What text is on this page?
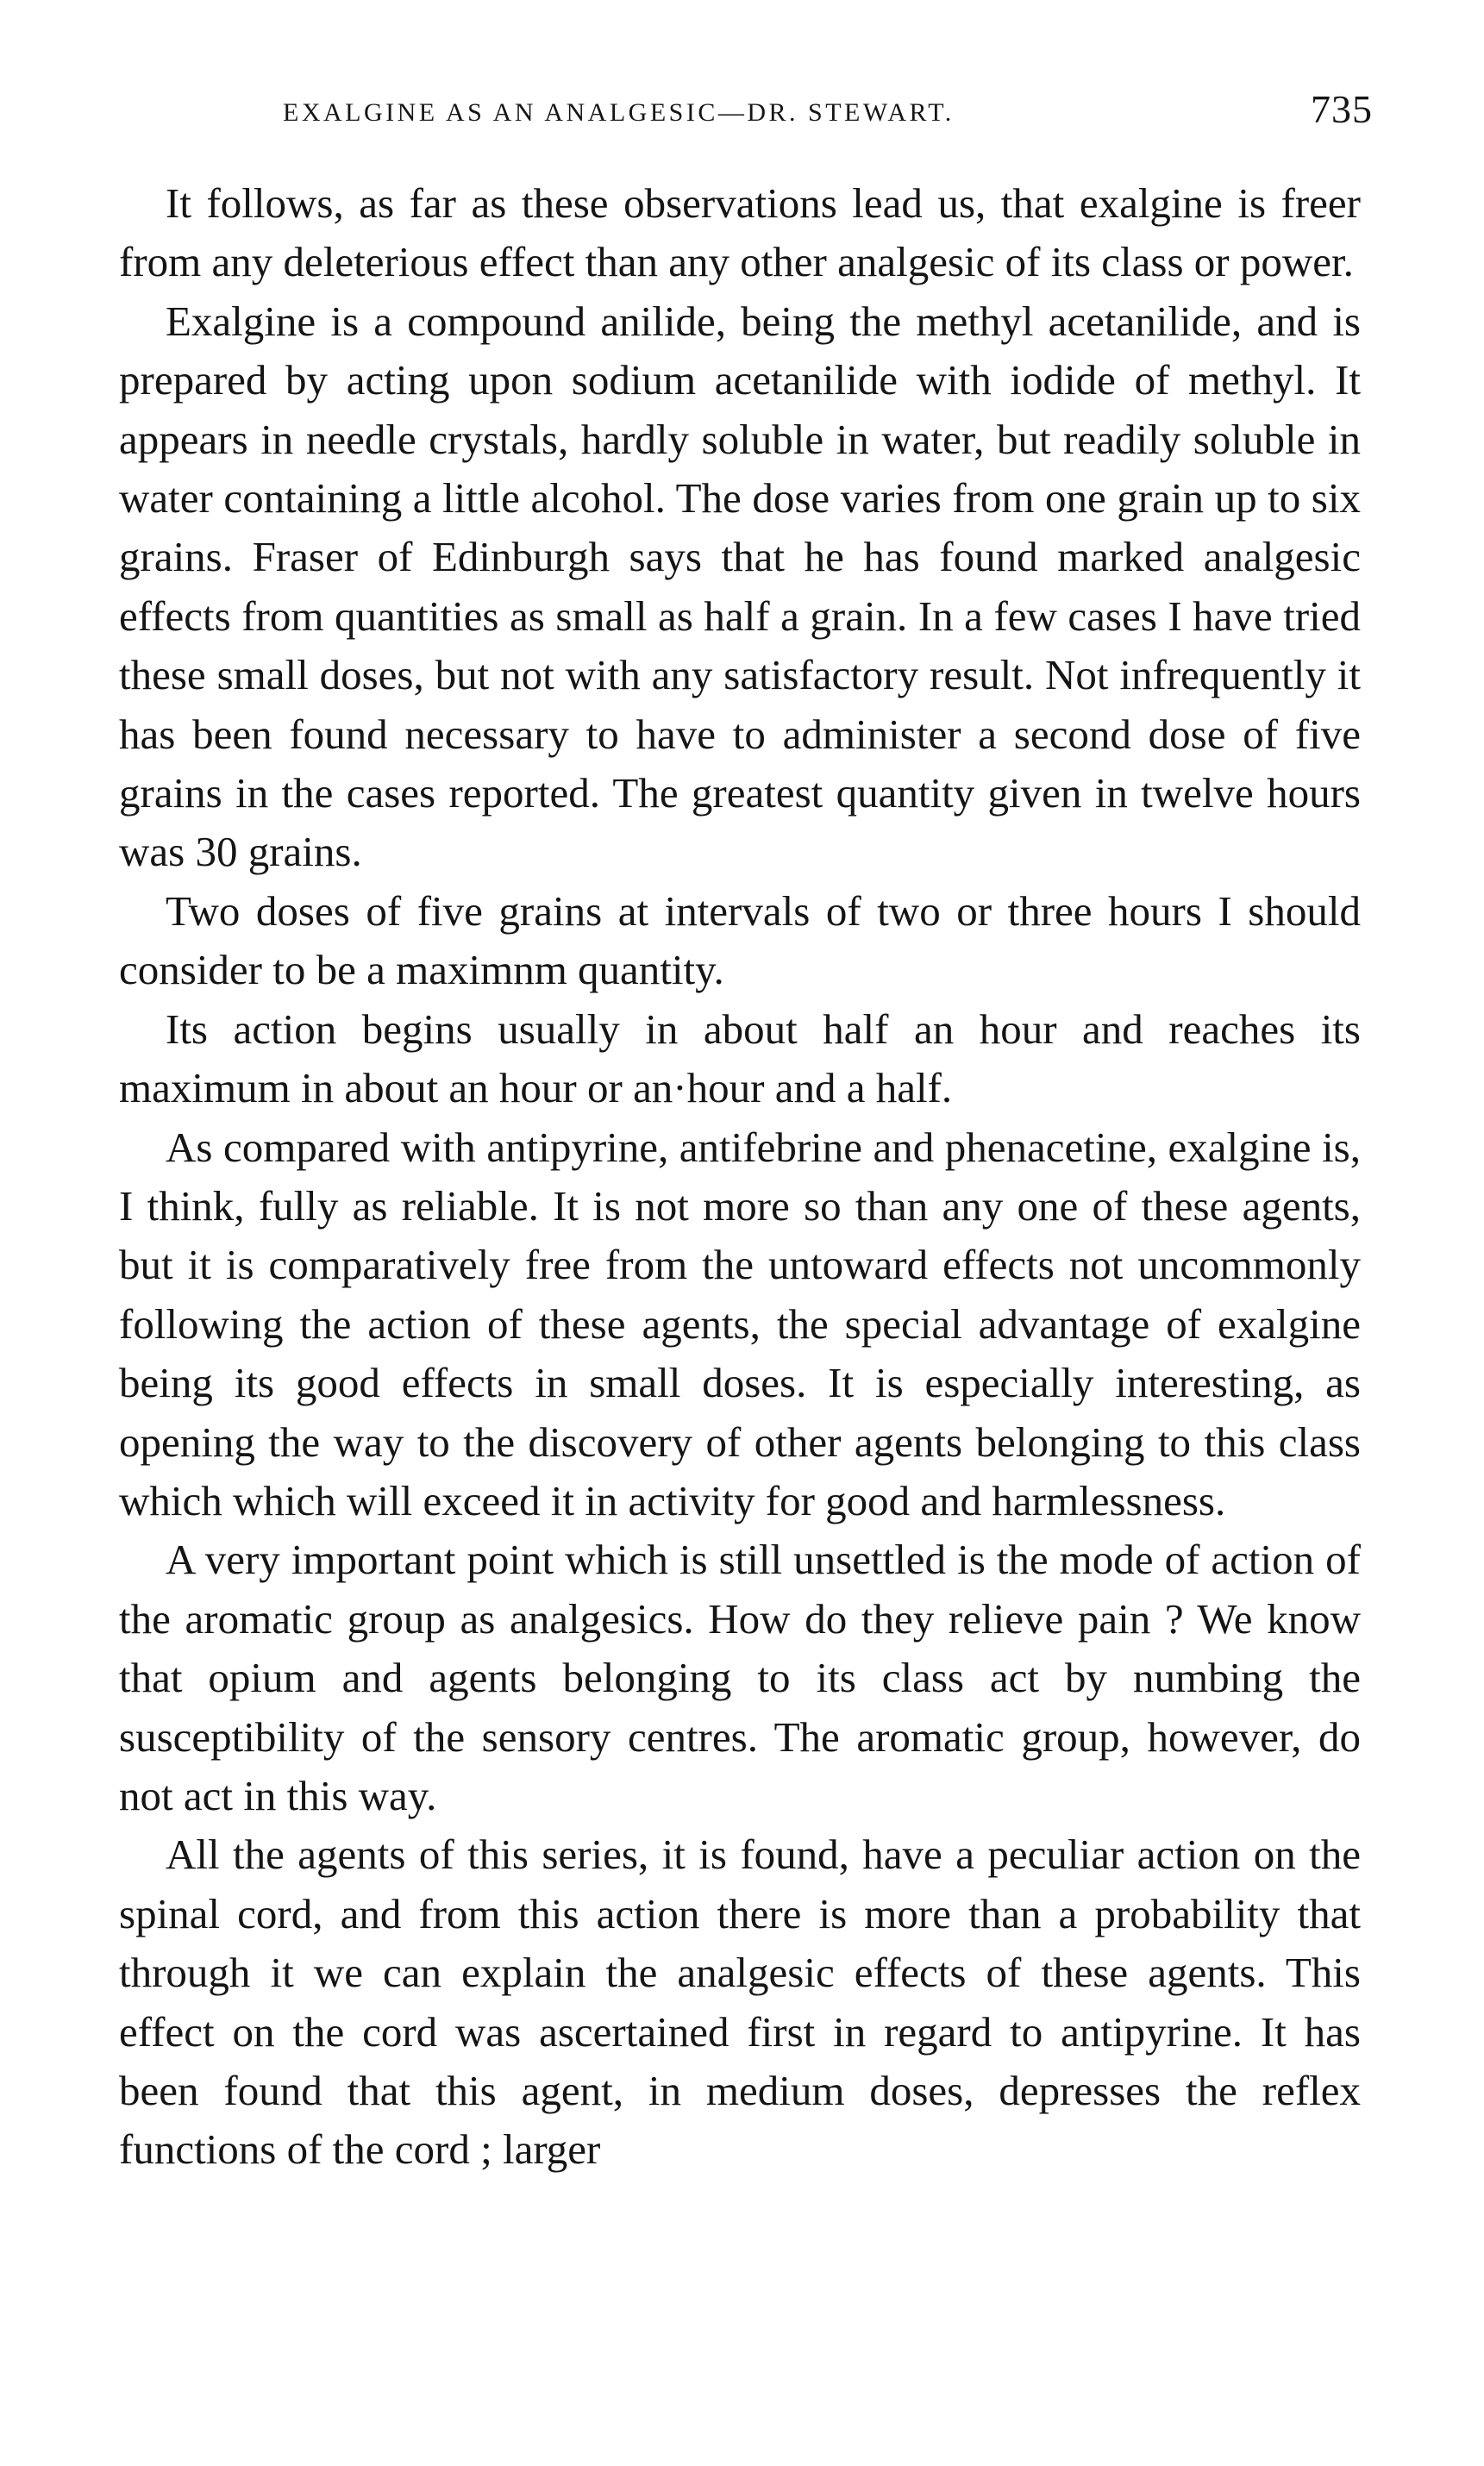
EXALGINE AS AN ANALGESIC—DR. STEWART.	735

It follows, as far as these observations lead us, that exalgine is freer from any deleterious effect than any other analgesic of its class or power.

Exalgine is a compound anilide, being the methyl acetanilide, and is prepared by acting upon sodium acetanilide with iodide of methyl. It appears in needle crystals, hardly soluble in water, but readily soluble in water containing a little alcohol. The dose varies from one grain up to six grains. Fraser of Edinburgh says that he has found marked analgesic effects from quantities as small as half a grain. In a few cases I have tried these small doses, but not with any satisfactory result. Not infrequently it has been found necessary to have to administer a second dose of five grains in the cases reported. The greatest quantity given in twelve hours was 30 grains.

Two doses of five grains at intervals of two or three hours I should consider to be a maximnm quantity.

Its action begins usually in about half an hour and reaches its maximum in about an hour or an·hour and a half.

As compared with antipyrine, antifebrine and phenacetine, exalgine is, I think, fully as reliable. It is not more so than any one of these agents, but it is comparatively free from the untoward effects not uncommonly following the action of these agents, the special advantage of exalgine being its good effects in small doses. It is especially interesting, as opening the way to the discovery of other agents belonging to this class which which will exceed it in activity for good and harmlessness.

A very important point which is still unsettled is the mode of action of the aromatic group as analgesics. How do they relieve pain ? We know that opium and agents belonging to its class act by numbing the susceptibility of the sensory centres. The aromatic group, however, do not act in this way.

All the agents of this series, it is found, have a peculiar action on the spinal cord, and from this action there is more than a probability that through it we can explain the analgesic effects of these agents. This effect on the cord was ascertained first in regard to antipyrine. It has been found that this agent, in medium doses, depresses the reflex functions of the cord ; larger
